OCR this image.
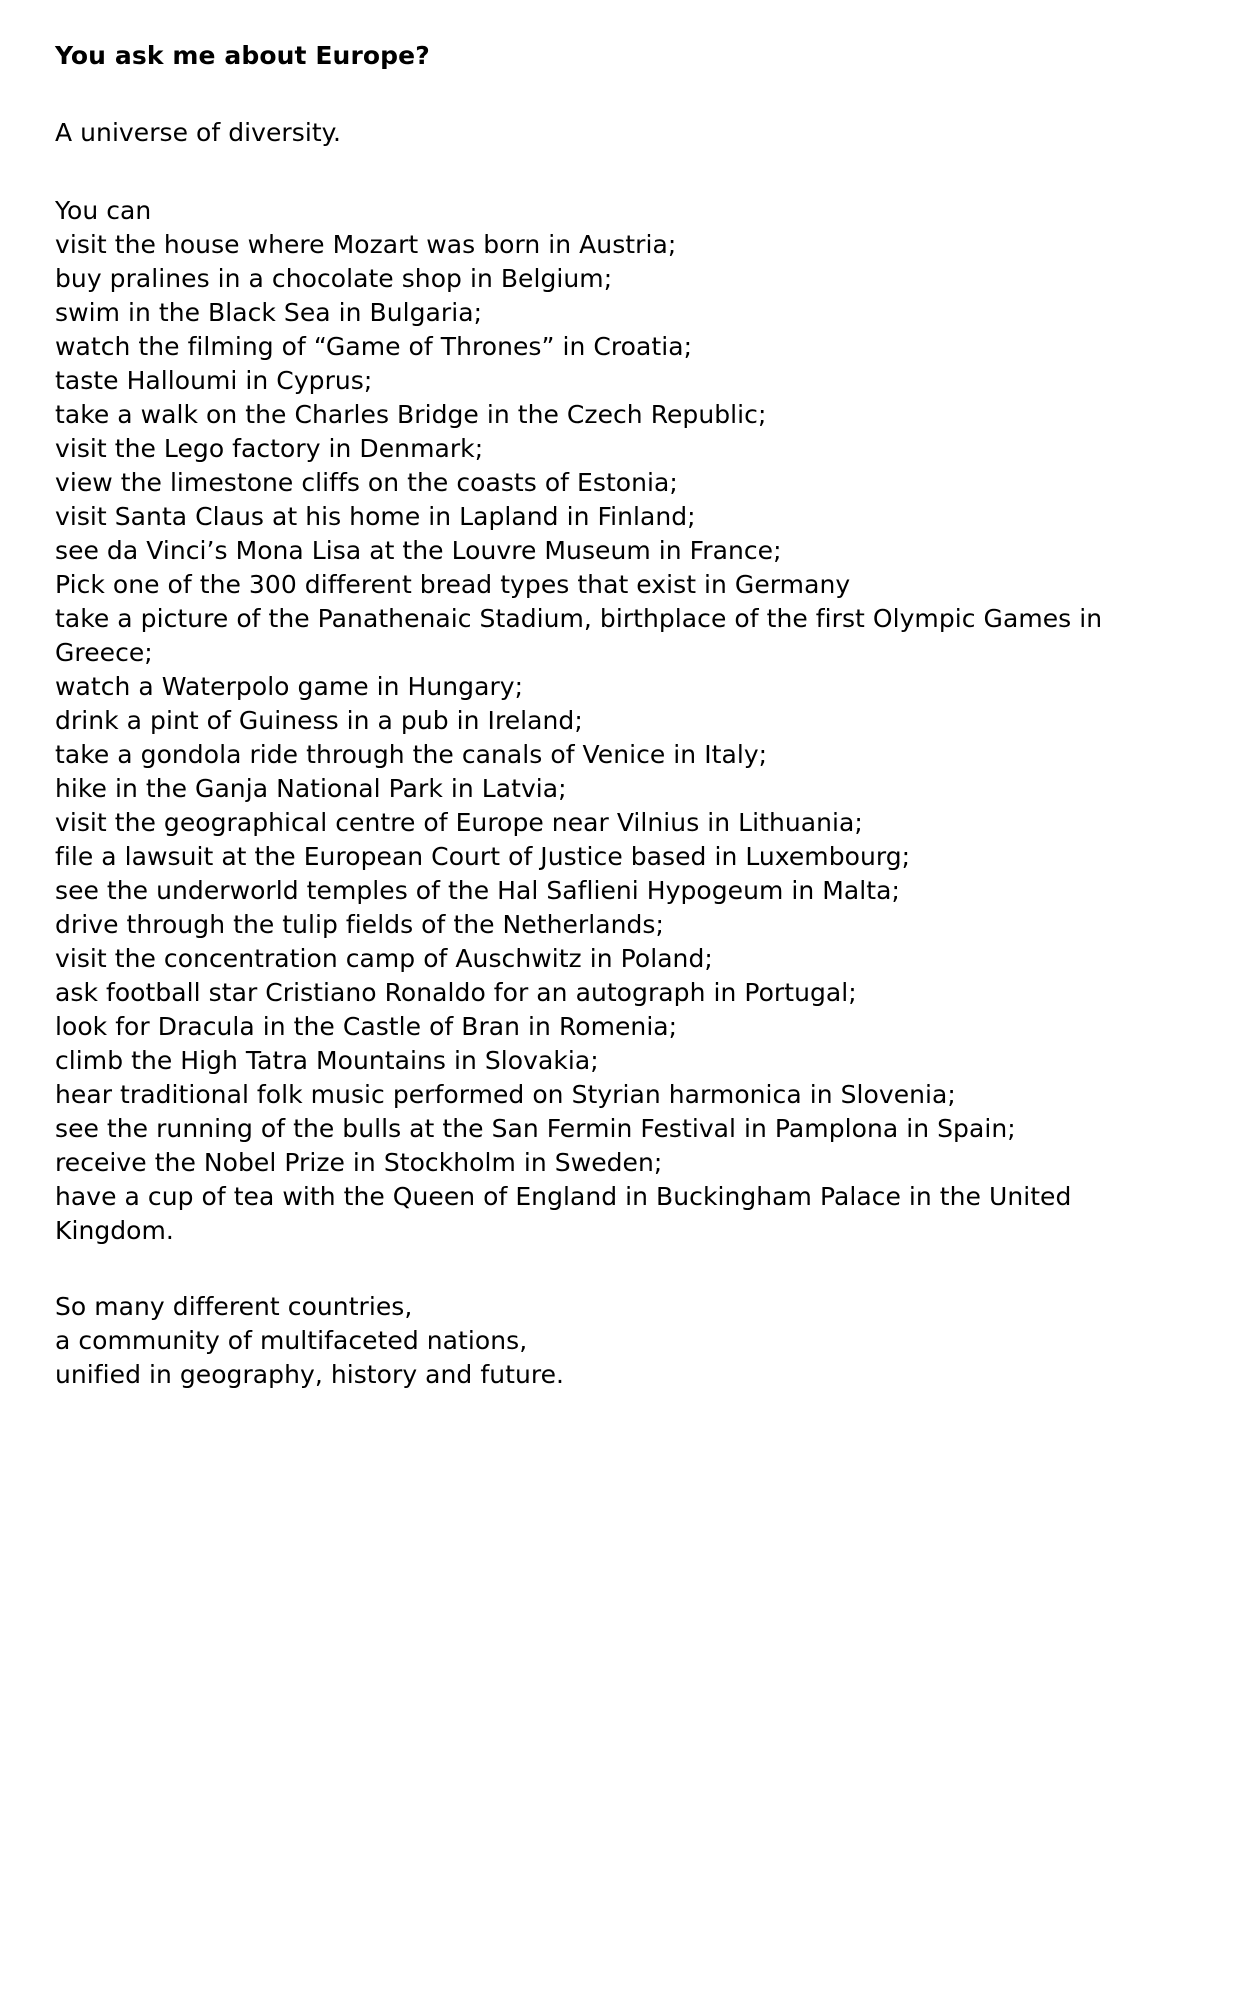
You ask me about Europe?

A universe of diversity.

You can

visit the house where Mozart was born in Austria;
buy pralines in a chocolate shop in Belgium;
swim in the Black Sea in Bulgaria;
watch the filming of “Game of Thrones” in Croatia;
taste Halloumi in Cyprus;
take a walk on the Charles Bridge in the Czech Republic;
visit the Lego factory in Denmark;
view the limestone cliffs on the coasts of Estonia;
visit Santa Claus at his home in Lapland in Finland;
see da Vinci’s Mona Lisa at the Louvre Museum in France;
Pick one of the 300 different bread types that exist in Germany
take a picture of the Panathenaic Stadium, birthplace of the first Olympic Games in Greece;
watch a Waterpolo game in Hungary;
drink a pint of Guiness in a pub in Ireland;
take a gondola ride through the canals of Venice in Italy;
hike in the Ganja National Park in Latvia;
visit the geographical centre of Europe near Vilnius in Lithuania;
file a lawsuit at the European Court of Justice based in Luxembourg;
see the underworld temples of the Hal Saflieni Hypogeum in Malta;
drive through the tulip fields of the Netherlands;
visit the concentration camp of Auschwitz in Poland;
ask football star Cristiano Ronaldo for an autograph in Portugal;
look for Dracula in the Castle of Bran in Romenia;
climb the High Tatra Mountains in Slovakia;
hear traditional folk music performed on Styrian harmonica in Slovenia;
see the running of the bulls at the San Fermin Festival in Pamplona in Spain;
receive the Nobel Prize in Stockholm in Sweden;
have a cup of tea with the Queen of England in Buckingham Palace in the United Kingdom.

So many different countries,

a community of multifaceted nations,

unified in geography, history and future.
